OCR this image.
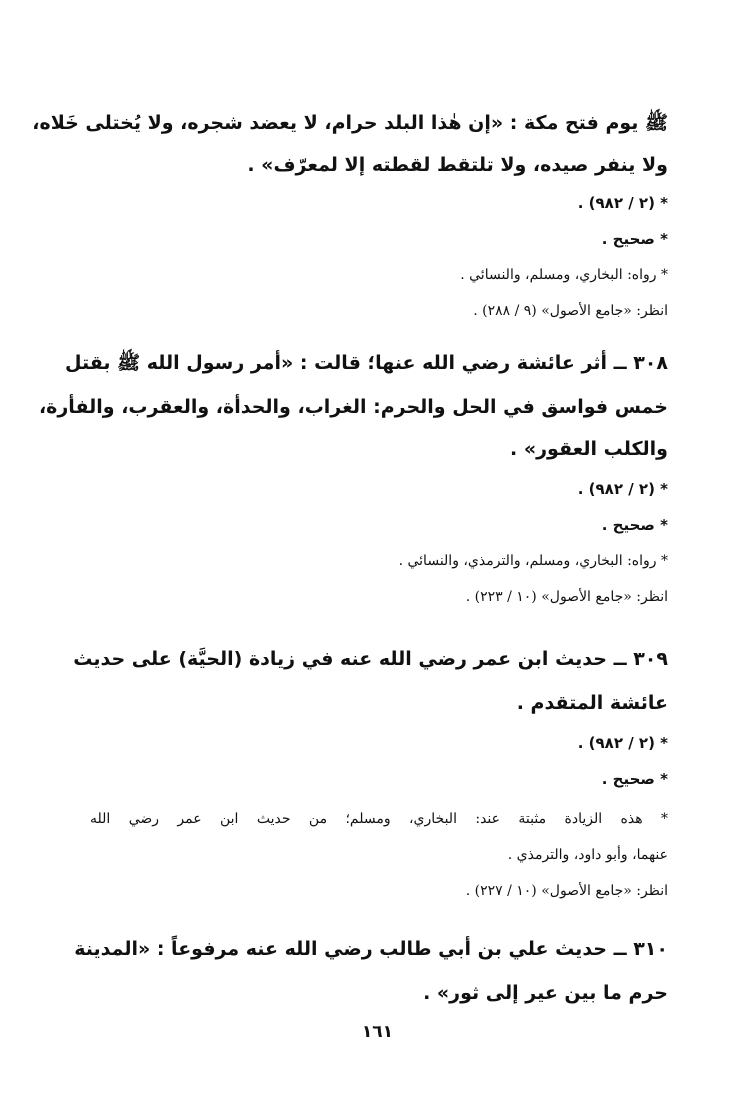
ﷺ يوم فتح مكة : «إن هٰذا البلد حرام، لا يعضد شجره، ولا يُختلى خَلاه،
ولا ينفر صيده، ولا تلتقط لقطته إلا لمعرّف» .
* (٢ / ٩٨٢) .
* صحيح .
* رواه: البخاري، ومسلم، والنسائي .
انظر: «جامع الأصول» (٩ / ٢٨٨) .
٣٠٨ ــ أثر عائشة رضي الله عنها؛ قالت : «أمر رسول الله ﷺ بقتل
خمس فواسق في الحل والحرم: الغراب، والحدأة، والعقرب، والفأرة،
والكلب العقور» .
* (٢ / ٩٨٢) .
* صحيح .
* رواه: البخاري، ومسلم، والترمذي، والنسائي .
انظر: «جامع الأصول» (١٠ / ٢٢٣) .
٣٠٩ ــ حديث ابن عمر رضي الله عنه في زيادة (الحيَّة) على حديث
عائشة المتقدم .
* (٢ / ٩٨٢) .
* صحيح .
* هذه الزيادة مثبتة عند: البخاري، ومسلم؛ من حديث ابن عمر رضي الله
عنهما، وأبو داود، والترمذي .
انظر: «جامع الأصول» (١٠ / ٢٢٧) .
٣١٠ ــ حديث علي بن أبي طالب رضي الله عنه مرفوعاً : «المدينة
حرم ما بين عير إلى ثور» .
١٦١
